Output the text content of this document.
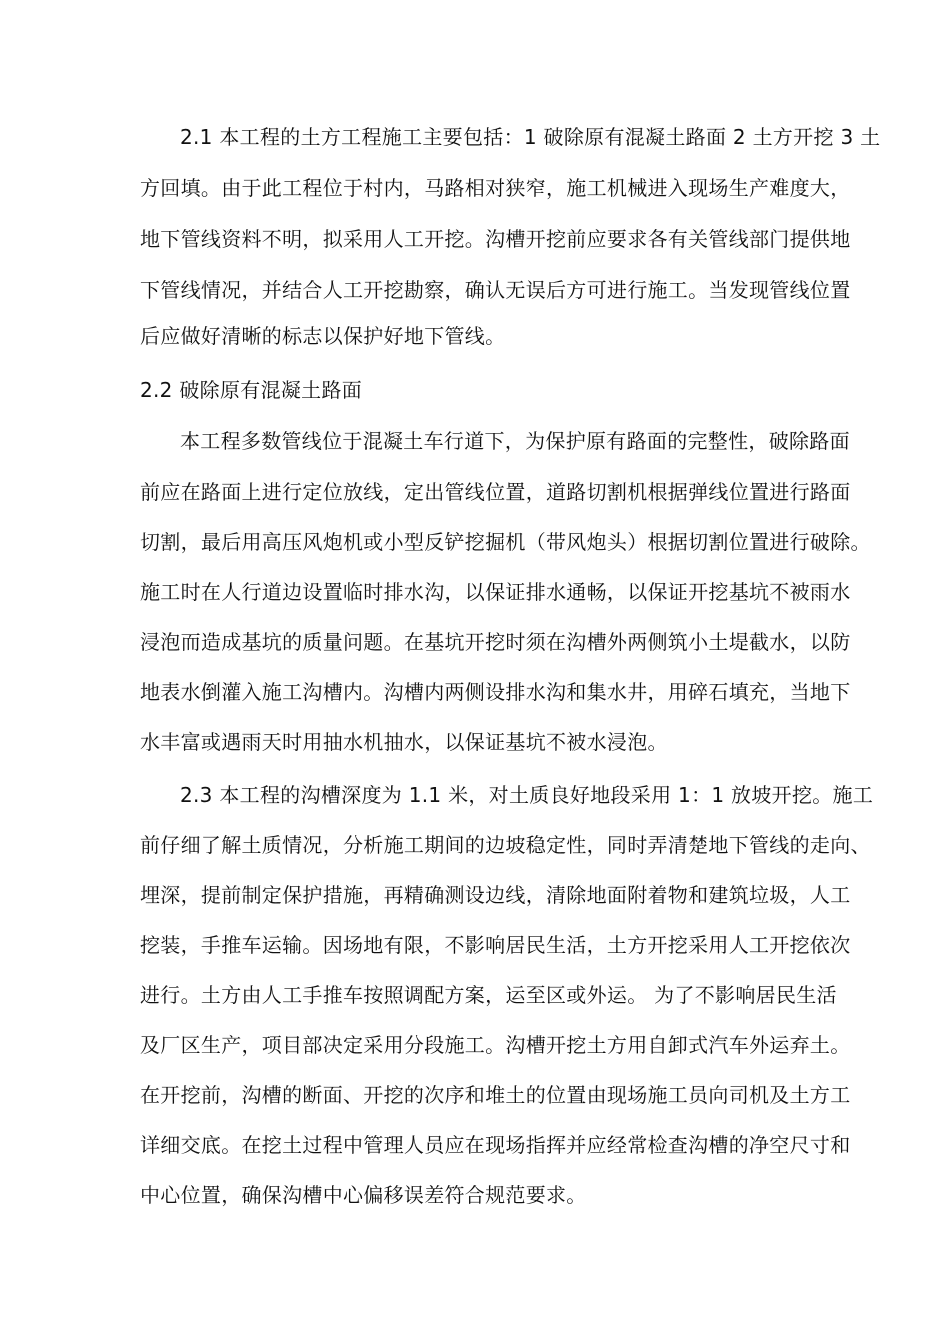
2.1 本工程的土方工程施工主要包括：1 破除原有混凝土路面 2 土方开挖 3 土
方回填。由于此工程位于村内，马路相对狭窄，施工机械进入现场生产难度大，
地下管线资料不明，拟采用人工开挖。沟槽开挖前应要求各有关管线部门提供地
下管线情况，并结合人工开挖勘察，确认无误后方可进行施工。当发现管线位置
后应做好清晰的标志以保护好地下管线。
2.2 破除原有混凝土路面
本工程多数管线位于混凝土车行道下，为保护原有路面的完整性，破除路面
前应在路面上进行定位放线，定出管线位置，道路切割机根据弹线位置进行路面
切割，最后用高压风炮机或小型反铲挖掘机（带风炮头）根据切割位置进行破除。
施工时在人行道边设置临时排水沟，以保证排水通畅，以保证开挖基坑不被雨水
浸泡而造成基坑的质量问题。在基坑开挖时须在沟槽外两侧筑小土堤截水，以防
地表水倒灌入施工沟槽内。沟槽内两侧设排水沟和集水井，用碎石填充，当地下
水丰富或遇雨天时用抽水机抽水，以保证基坑不被水浸泡。
2.3 本工程的沟槽深度为 1.1 米，对土质良好地段采用 1：1 放坡开挖。施工
前仔细了解土质情况，分析施工期间的边坡稳定性，同时弄清楚地下管线的走向、
埋深，提前制定保护措施，再精确测设边线，清除地面附着物和建筑垃圾，人工
挖装，手推车运输。因场地有限，不影响居民生活，土方开挖采用人工开挖依次
进行。土方由人工手推车按照调配方案，运至区或外运。 为了不影响居民生活
及厂区生产，项目部决定采用分段施工。沟槽开挖土方用自卸式汽车外运弃土。
在开挖前，沟槽的断面、开挖的次序和堆土的位置由现场施工员向司机及土方工
详细交底。在挖土过程中管理人员应在现场指挥并应经常检查沟槽的净空尺寸和
中心位置，确保沟槽中心偏移误差符合规范要求。
